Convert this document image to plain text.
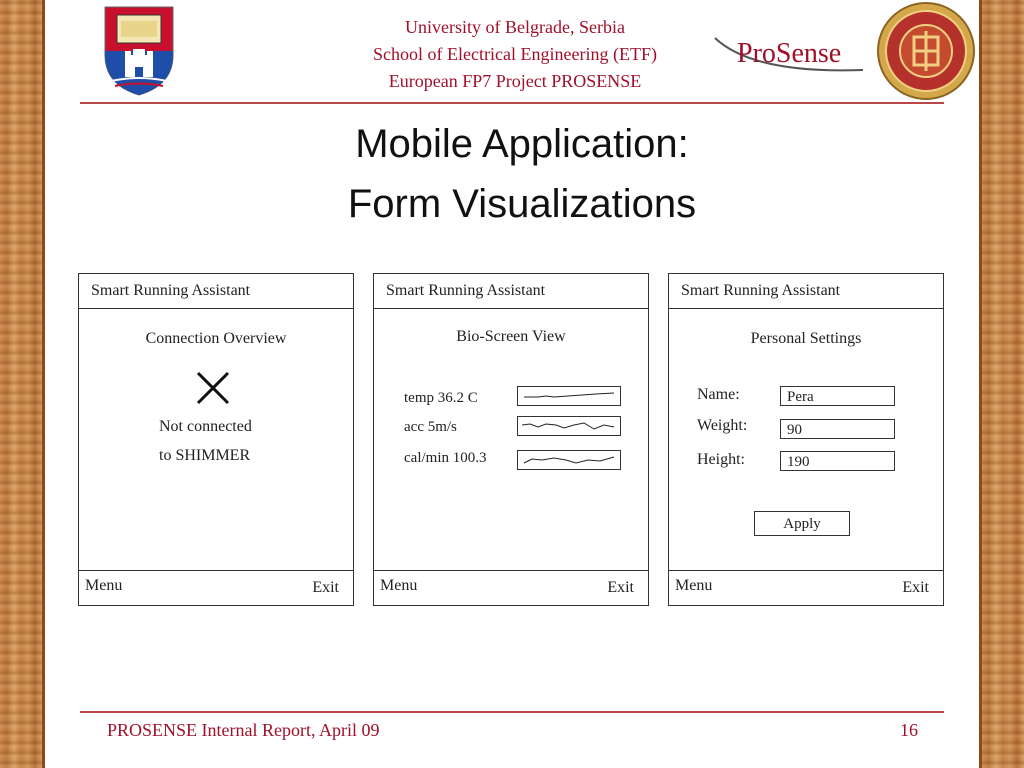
University of Belgrade, Serbia
School of Electrical Engineering (ETF)
European FP7 Project PROSENSE
ProSense
Mobile Application:
Form Visualizations
Smart Running Assistant
Connection Overview
Not connected
to SHIMMER
Menu	Exit
Smart Running Assistant
Bio-Screen View
temp 36.2 C
acc 5m/s
cal/min 100.3
Menu	Exit
Smart Running Assistant
Personal Settings
Name:	Pera
Weight:	90
Height:	190
Apply
Menu	Exit
PROSENSE Internal Report, April 09	16
